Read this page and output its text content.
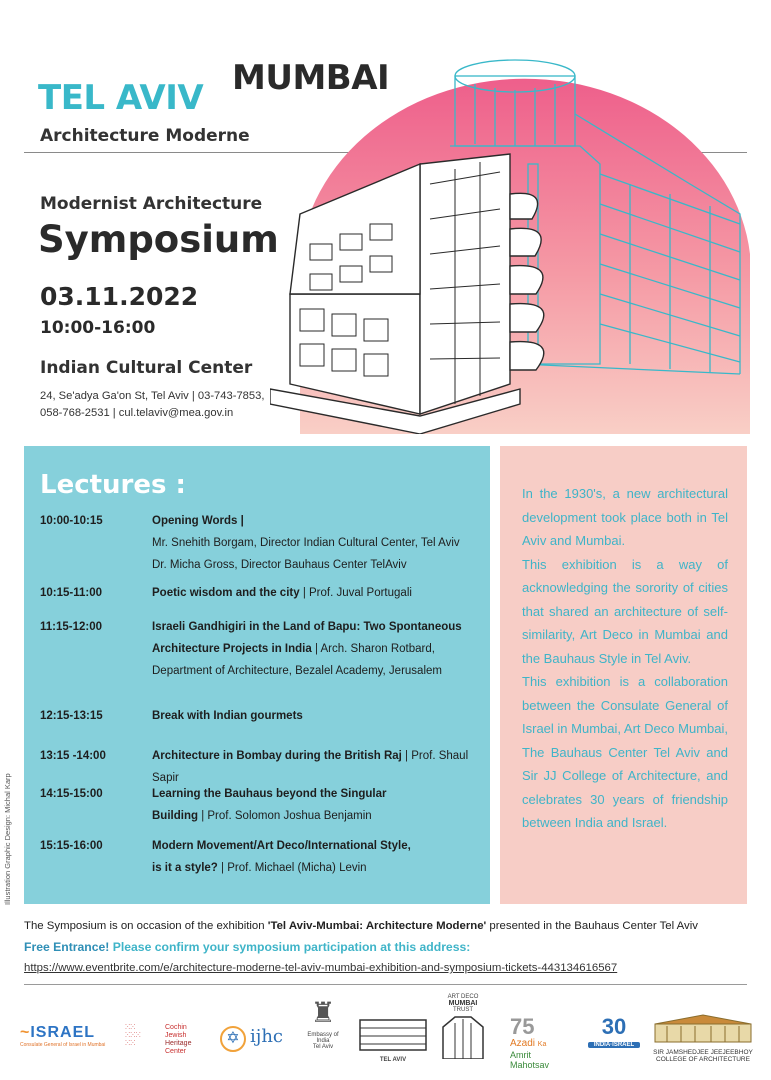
MUMBAI
TEL AVIV
Architecture Moderne
Modernist Architecture
Symposium
03.11.2022
10:00-16:00
Indian Cultural Center
24, Se'adya Ga'on St, Tel Aviv | 03-743-7853,
058-768-2531 | cul.telaviv@mea.gov.in
Lectures :
10:00-10:15	Opening Words |
Mr. Snehith Borgam, Director Indian Cultural Center, Tel Aviv
Dr. Micha Gross, Director Bauhaus Center TelAviv
10:15-11:00	Poetic wisdom and the city | Prof. Juval Portugali
11:15-12:00	Israeli Gandhigiri in the Land of Bapu: Two Spontaneous
Architecture Projects in India | Arch. Sharon Rotbard,
Department of Architecture, Bezalel Academy, Jerusalem
12:15-13:15	Break with Indian gourmets
13:15 -14:00	Architecture in Bombay during the British Raj | Prof. Shaul Sapir
14:15-15:00	Learning the Bauhaus beyond the Singular
Building | Prof. Solomon Joshua Benjamin
15:15-16:00	Modern Movement/Art Deco/International Style,
is it a style? | Prof. Michael (Micha) Levin
In the 1930's, a new architectural development took place both in Tel Aviv and Mumbai.
This exhibition is a way of acknowledging the sorority of cities that shared an architecture of self- similarity, Art Deco in Mumbai and the Bauhaus Style in Tel Aviv.
This exhibition is a collaboration between the Consulate General of Israel in Mumbai, Art Deco Mumbai, The Bauhaus Center Tel Aviv and Sir JJ College of Architecture, and celebrates 30 years of friendship between India and Israel.
Illustration Graphic Design: Michal Karp
The Symposium is on occasion of the exhibition 'Tel Aviv-Mumbai: Architecture Moderne' presented in the Bauhaus Center Tel Aviv
Free Entrance! Please confirm your symposium participation at this address:
https://www.eventbrite.com/e/architecture-moderne-tel-aviv-mumbai-exhibition-and-symposium-tickets-443134616567
~ISRAEL
Consulate General of Israel in Mumbai
ⵘⵘ
ⵘⵘⵘ
ⵘⵘ
Cochin
Jewish
Heritage
Center
✡ ijhc
♜
Embassy of India
Tel Aviv
TEL AVIV
ART DECO
MUMBAI
TRUST
75
Azadi Ka
Amrit Mahotsav
30
INDIA·ISRAEL
SIR JAMSHEDJEE JEEJEEBHOY
COLLEGE OF ARCHITECTURE
